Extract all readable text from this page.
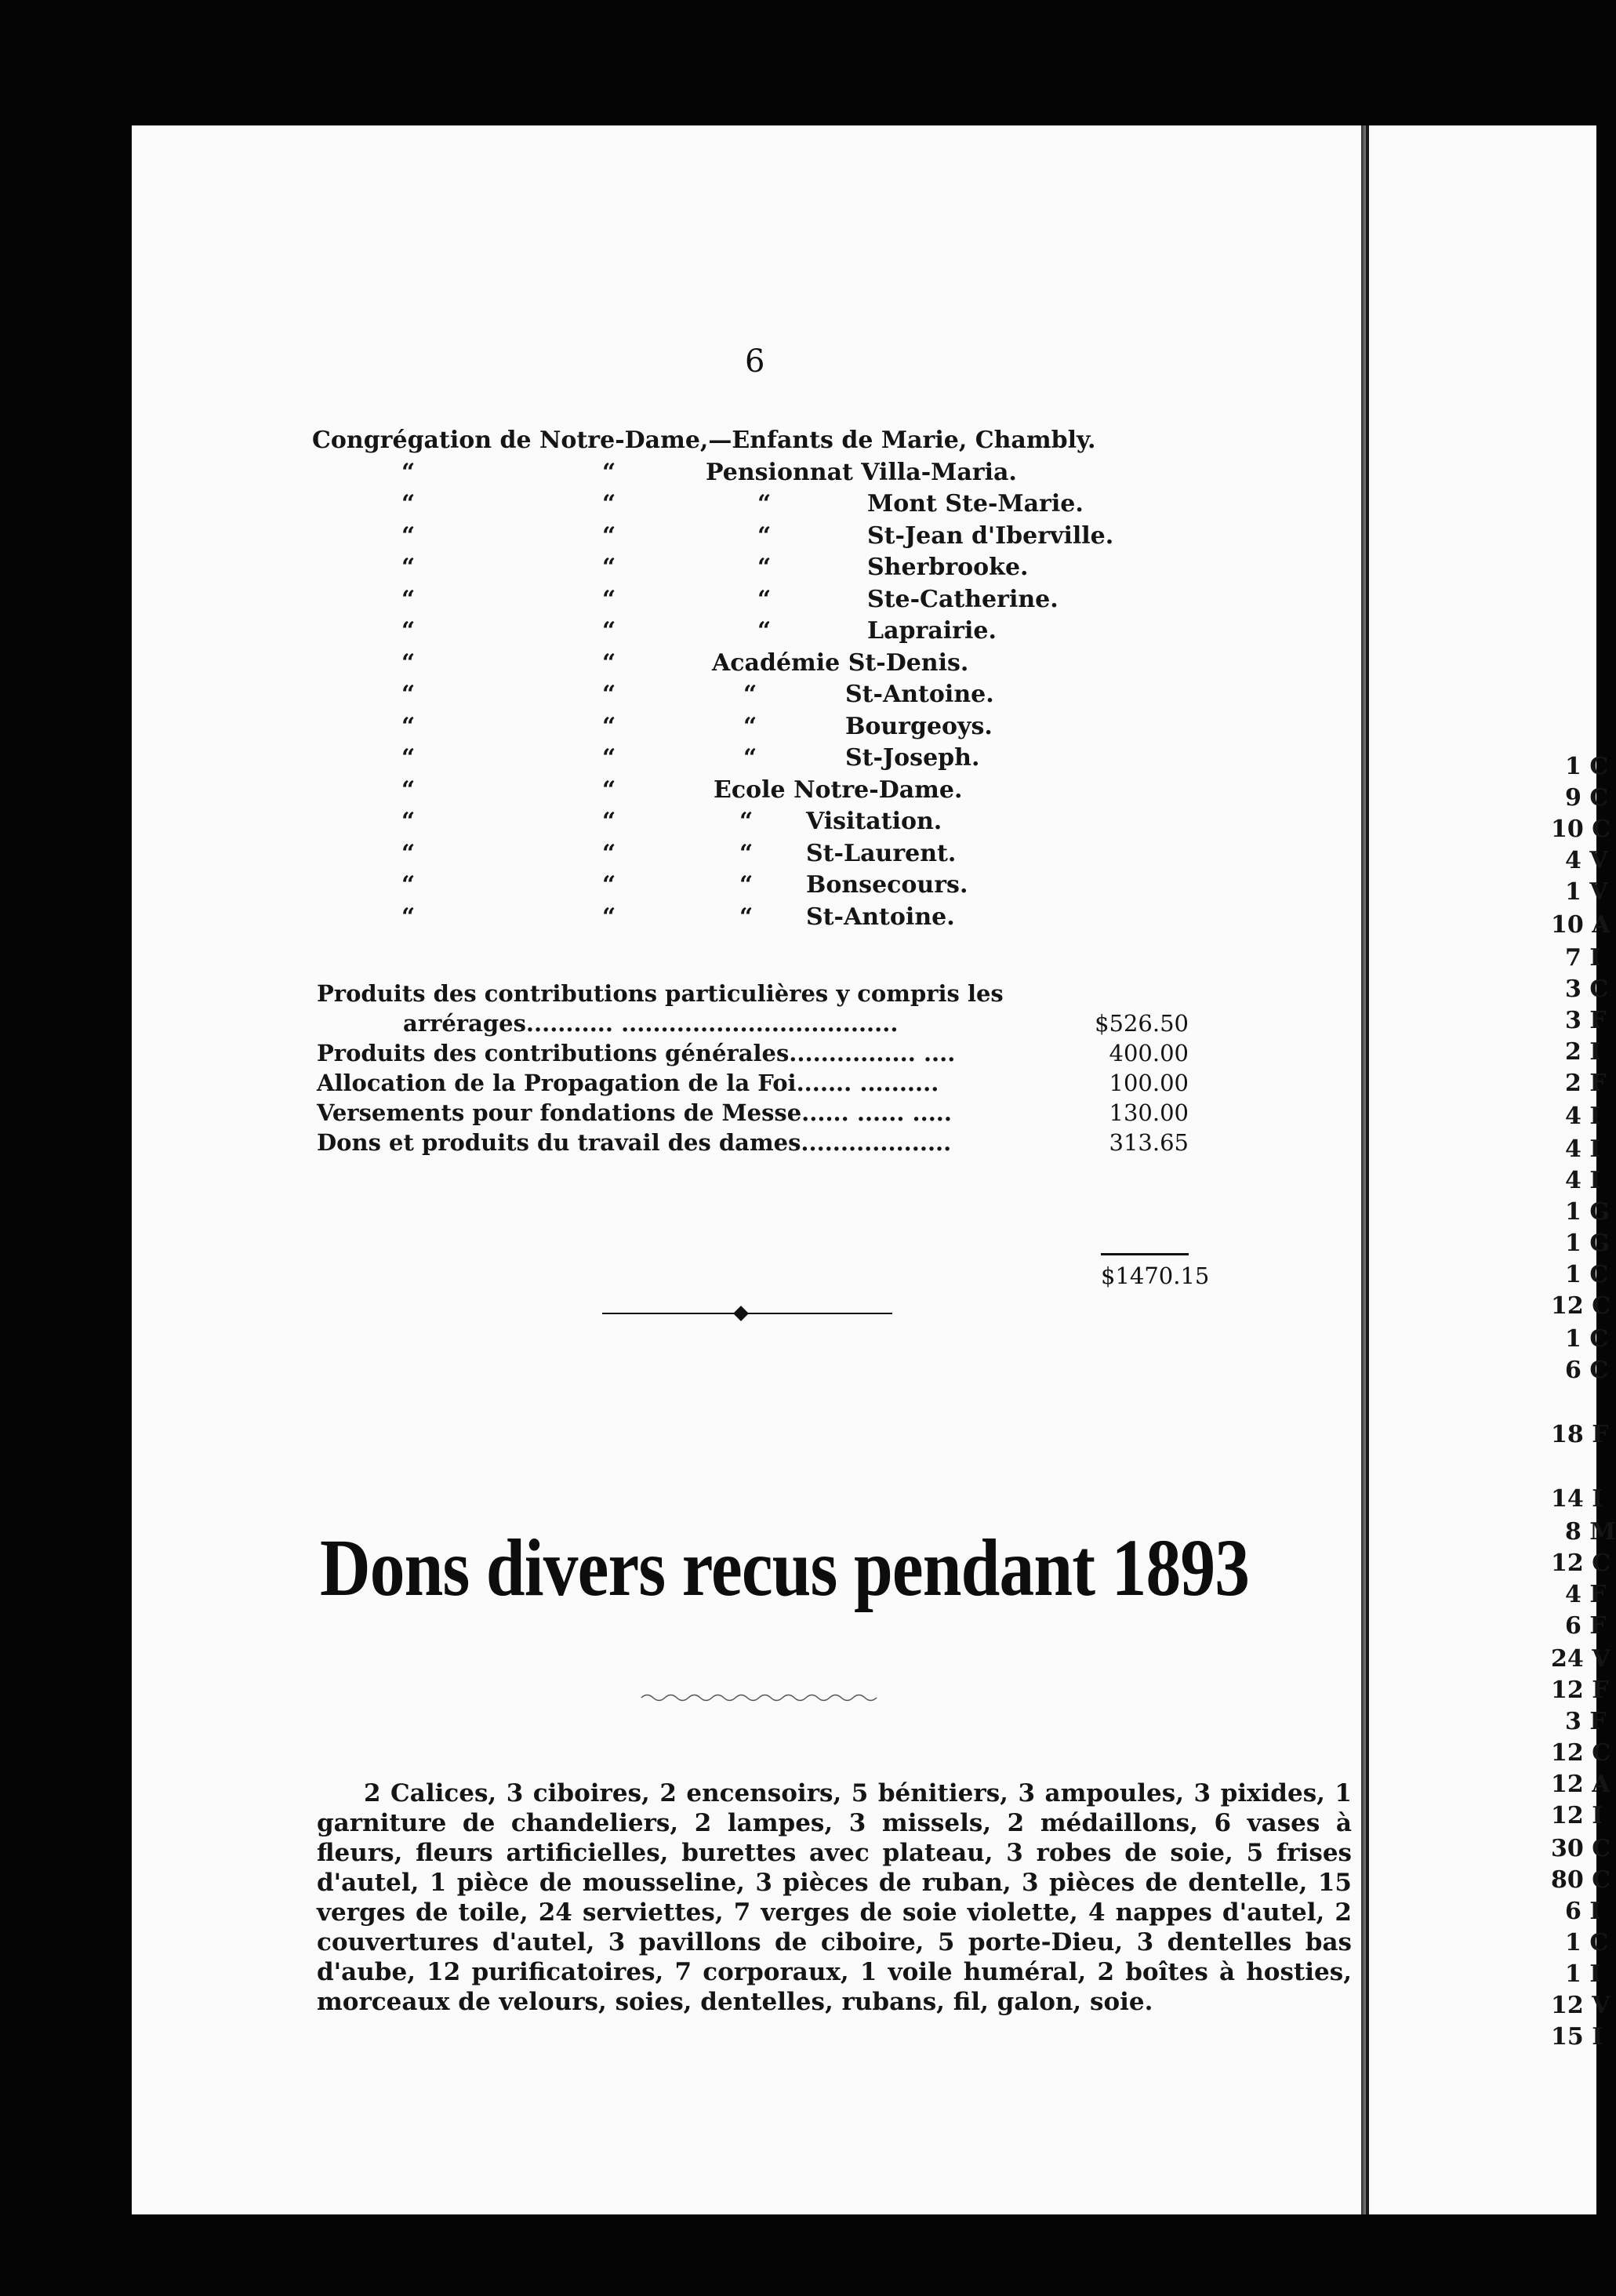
6
Congrégation de Notre-Dame,—Enfants de Marie, Chambly.
“	“	Pensionnat Villa-Maria.
“	“	“	Mont Ste-Marie.
“	“	“	St-Jean d'Iberville.
“	“	“	Sherbrooke.
“	“	“	Ste-Catherine.
“	“	“	Laprairie.
“	“	Académie St-Denis.
“	“	“	St-Antoine.
“	“	“	Bourgeoys.
“	“	“	St-Joseph.
“	“	Ecole Notre-Dame.
“	“	“ Visitation.
“	“	“ St-Laurent.
“	“	“ Bonsecours.
“	“	“ St-Antoine.
Produits des contributions particulières y compris les
arrérages........... ...................................	$526.50
Produits des contributions générales................ ....	400.00
Allocation de la Propagation de la Foi....... ..........	100.00
Versements pour fondations de Messe...... ...... .....	130.00
Dons et produits du travail des dames...................	313.65
$1470.15
Dons divers recus pendant 1893
2 Calices, 3 ciboires, 2 encensoirs, 5 bénitiers, 3 ampoules, 3 pixides, 1 garniture de chandeliers, 2 lampes, 3 missels, 2 médaillons, 6 vases à fleurs, fleurs artificielles, burettes avec plateau, 3 robes de soie, 5 frises d'autel, 1 pièce de mousseline, 3 pièces de ruban, 3 pièces de dentelle, 15 verges de toile, 24 serviettes, 7 verges de soie violette, 4 nappes d'autel, 2 couvertures d'autel, 3 pavillons de ciboire, 5 porte-Dieu, 3 dentelles bas d'aube, 12 purificatoires, 7 corporaux, 1 voile huméral, 2 boîtes à hosties, morceaux de velours, soies, dentelles, rubans, fil, galon, soie.
1 C
9 C
10 C
4 V
1 V
10 A
7 I
3 C
3 F
2 I
2 F
4 I
4 I
4 I
1 G
1 G
1 C
12 C
1 C
6 C
18 F
14 I
8 M
12 C
4 F
6 F
24 V
12 F
3 F
12 C
12 A
12 I
30 C
80 C
6 I
1 C
1 I
12 V
15 I
